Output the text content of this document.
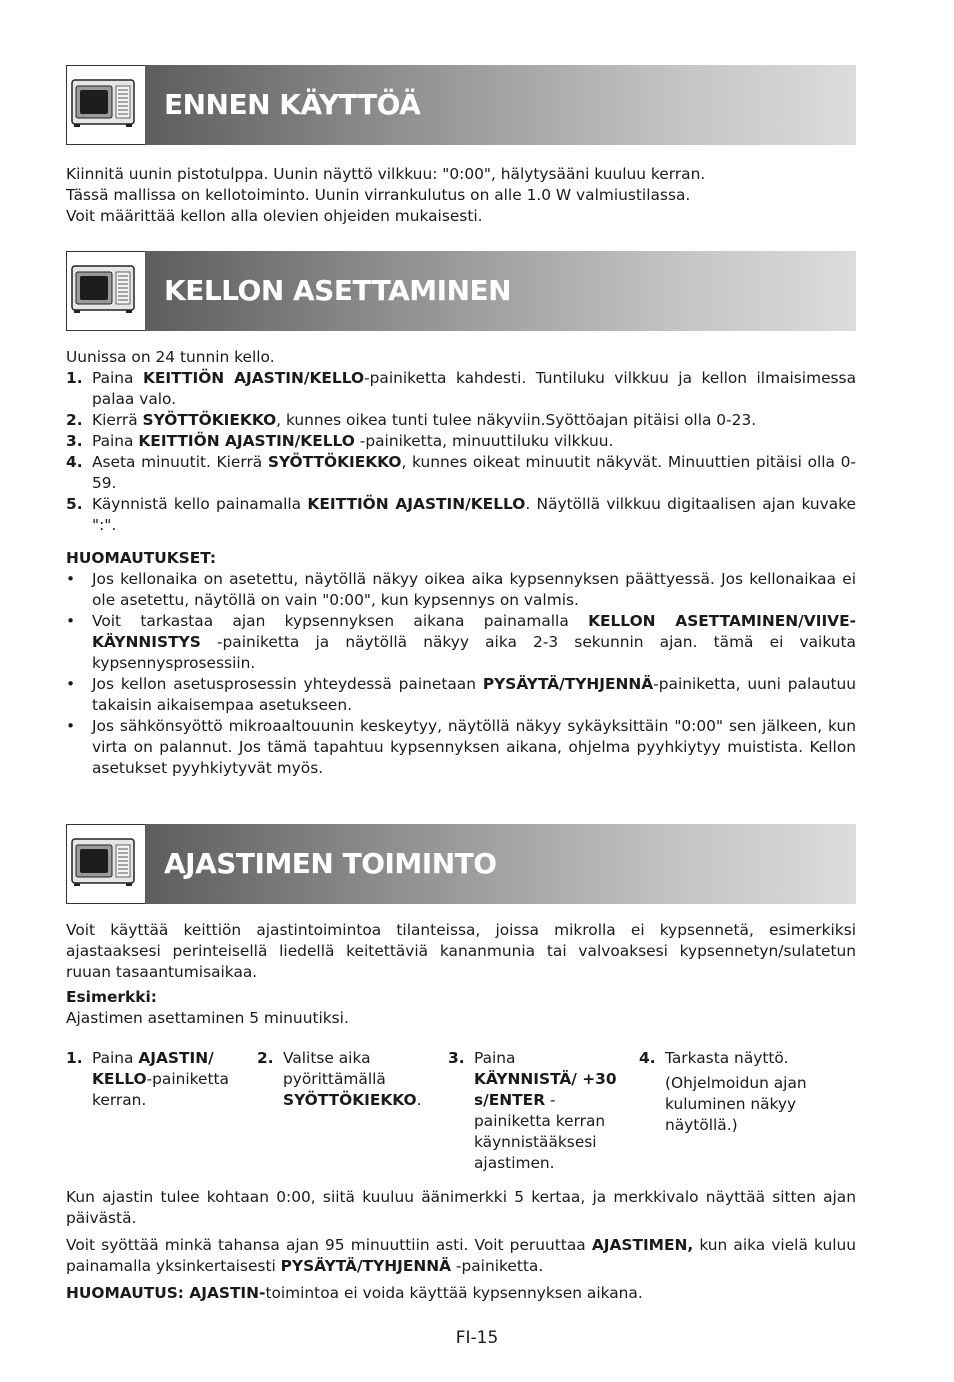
ENNEN KÄYTTÖÄ

Kiinnitä uunin pistotulppa. Uunin näyttö vilkkuu: "0:00", hälytysääni kuuluu kerran.

Tässä mallissa on kellotoiminto. Uunin virrankulutus on alle 1.0 W valmiustilassa.

Voit määrittää kellon alla olevien ohjeiden mukaisesti.

KELLON ASETTAMINEN

Uunissa on 24 tunnin kello.

1. Paina KEITTIÖN AJASTIN/KELLO-painiketta kahdesti. Tuntiluku vilkkuu ja kellon ilmaisimessa palaa valo.
2. Kierrä SYÖTTÖKIEKKO, kunnes oikea tunti tulee näkyviin.Syöttöajan pitäisi olla 0-23.
3. Paina KEITTIÖN AJASTIN/KELLO -painiketta, minuuttiluku vilkkuu.
4. Aseta minuutit. Kierrä SYÖTTÖKIEKKO, kunnes oikeat minuutit näkyvät. Minuuttien pitäisi olla 0-59.
5. Käynnistä kello painamalla KEITTIÖN AJASTIN/KELLO. Näytöllä vilkkuu digitaalisen ajan kuvake ":".

HUOMAUTUKSET:

• Jos kellonaika on asetettu, näytöllä näkyy oikea aika kypsennyksen päättyessä. Jos kellonaikaa ei ole asetettu, näytöllä on vain "0:00", kun kypsennys on valmis.
• Voit tarkastaa ajan kypsennyksen aikana painamalla KELLON ASETTAMINEN/VIIVE-KÄYNNISTYS -painiketta ja näytöllä näkyy aika 2-3 sekunnin ajan. tämä ei vaikuta kypsennysprosessiin.
• Jos kellon asetusprosessin yhteydessä painetaan PYSÄYTÄ/TYHJENNÄ-painiketta, uuni palautuu takaisin aikaisempaa asetukseen.
• Jos sähkönsyöttö mikroaaltouunin keskeytyy, näytöllä näkyy sykäyksittäin "0:00" sen jälkeen, kun virta on palannut. Jos tämä tapahtuu kypsennyksen aikana, ohjelma pyyhkiytyy muistista. Kellon asetukset pyyhkiytyvät myös.
AJASTIMEN TOIMINTO

Voit käyttää keittiön ajastintoimintoa tilanteissa, joissa mikrolla ei kypsennetä, esimerkiksi ajastaaksesi perinteisellä liedellä keitettäviä kananmunia tai valvoaksesi kypsennetyn/sulatetun ruuan tasaantumisaikaa.

Esimerkki:

Ajastimen asettaminen 5 minuutiksi.

1. Paina AJASTIN/ KELLO-painiketta kerran.
2. Valitse aika pyörittämällä SYÖTTÖKIEKKO.
3. Paina KÄYNNISTÄ/ +30 s/ENTER -painiketta kerran käynnistääksesi ajastimen.
4. Tarkasta näyttö.
(Ohjelmoidun ajan kuluminen näkyy näytöllä.)

Kun ajastin tulee kohtaan 0:00, siitä kuuluu äänimerkki 5 kertaa, ja merkkivalo näyttää sitten ajan päivästä.

Voit syöttää minkä tahansa ajan 95 minuuttiin asti. Voit peruuttaa AJASTIMEN, kun aika vielä kuluu painamalla yksinkertaisesti PYSÄYTÄ/TYHJENNÄ -painiketta.

HUOMAUTUS: AJASTIN-toimintoa ei voida käyttää kypsennyksen aikana.

FI-15
